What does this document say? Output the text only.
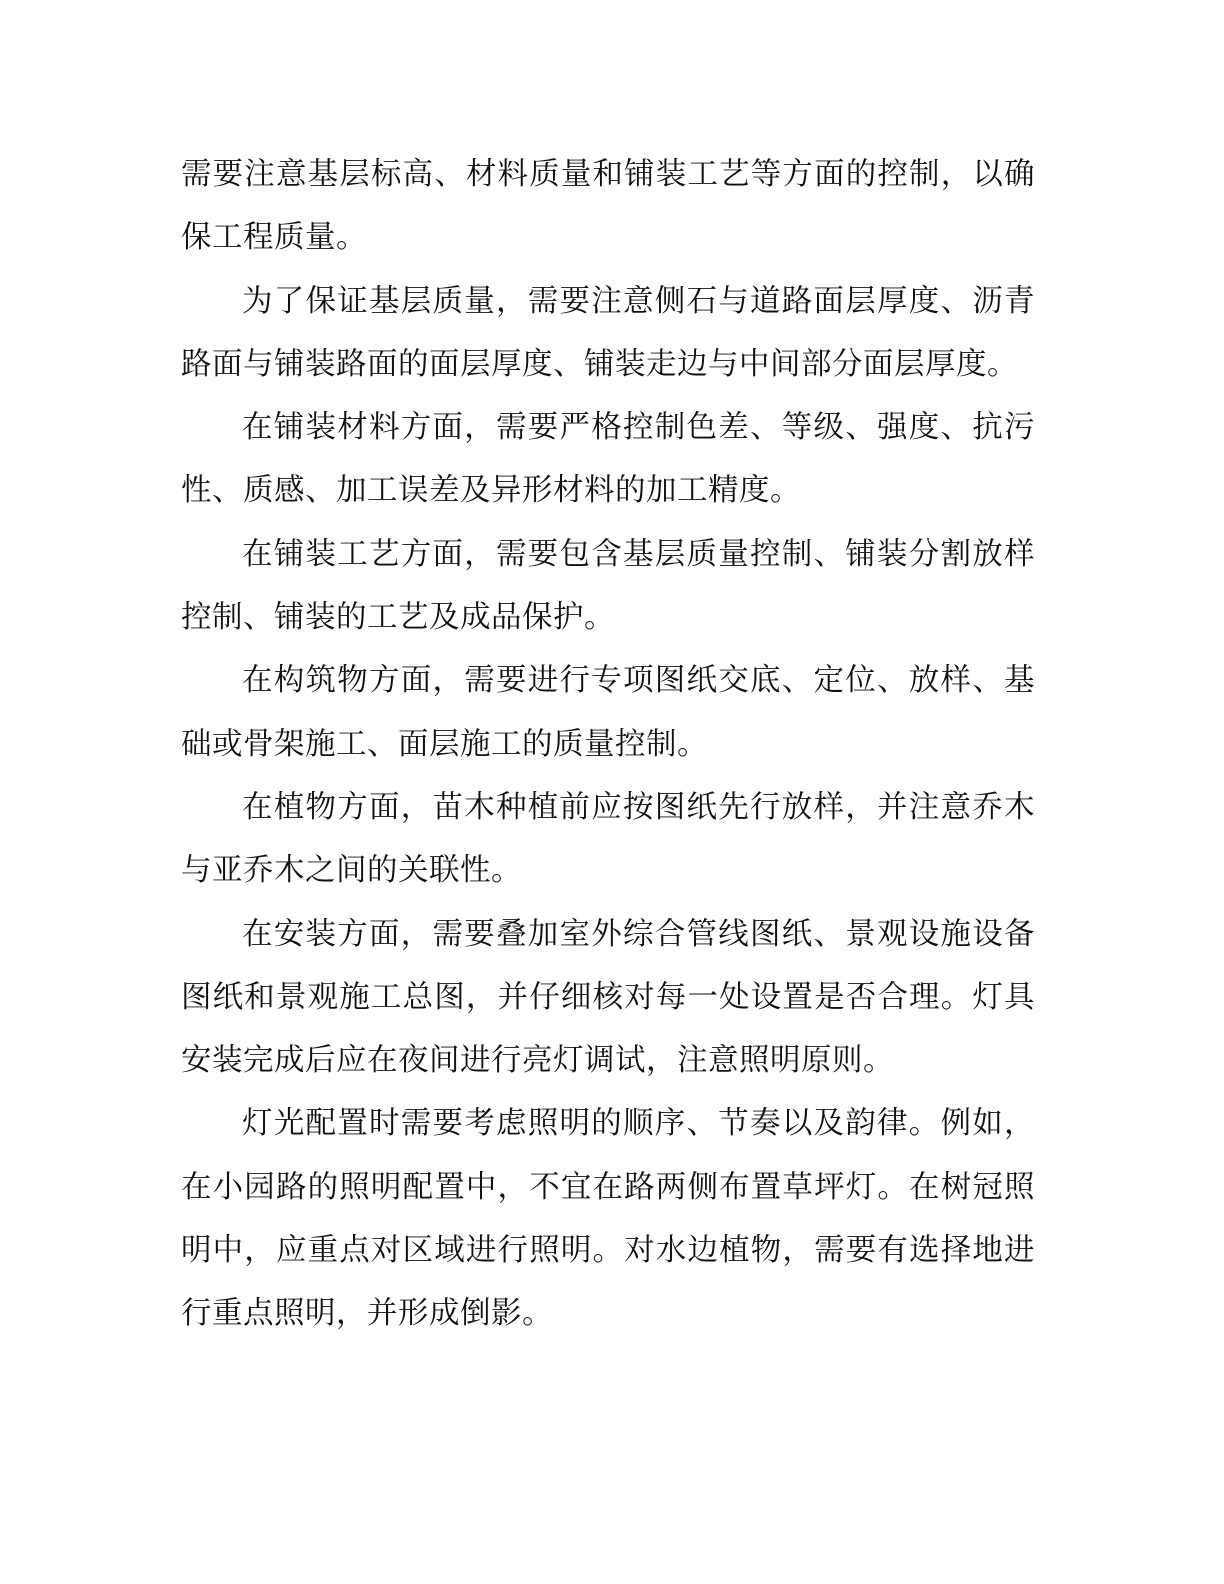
需要注意基层标高、材料质量和铺装工艺等方面的控制，以确保工程质量。

为了保证基层质量，需要注意侧石与道路面层厚度、沥青路面与铺装路面的面层厚度、铺装走边与中间部分面层厚度。

在铺装材料方面，需要严格控制色差、等级、强度、抗污性、质感、加工误差及异形材料的加工精度。

在铺装工艺方面，需要包含基层质量控制、铺装分割放样控制、铺装的工艺及成品保护。

在构筑物方面，需要进行专项图纸交底、定位、放样、基础或骨架施工、面层施工的质量控制。

在植物方面，苗木种植前应按图纸先行放样，并注意乔木与亚乔木之间的关联性。

在安装方面，需要叠加室外综合管线图纸、景观设施设备图纸和景观施工总图，并仔细核对每一处设置是否合理。灯具安装完成后应在夜间进行亮灯调试，注意照明原则。

灯光配置时需要考虑照明的顺序、节奏以及韵律。例如，在小园路的照明配置中，不宜在路两侧布置草坪灯。在树冠照明中，应重点对区域进行照明。对水边植物，需要有选择地进行重点照明，并形成倒影。
